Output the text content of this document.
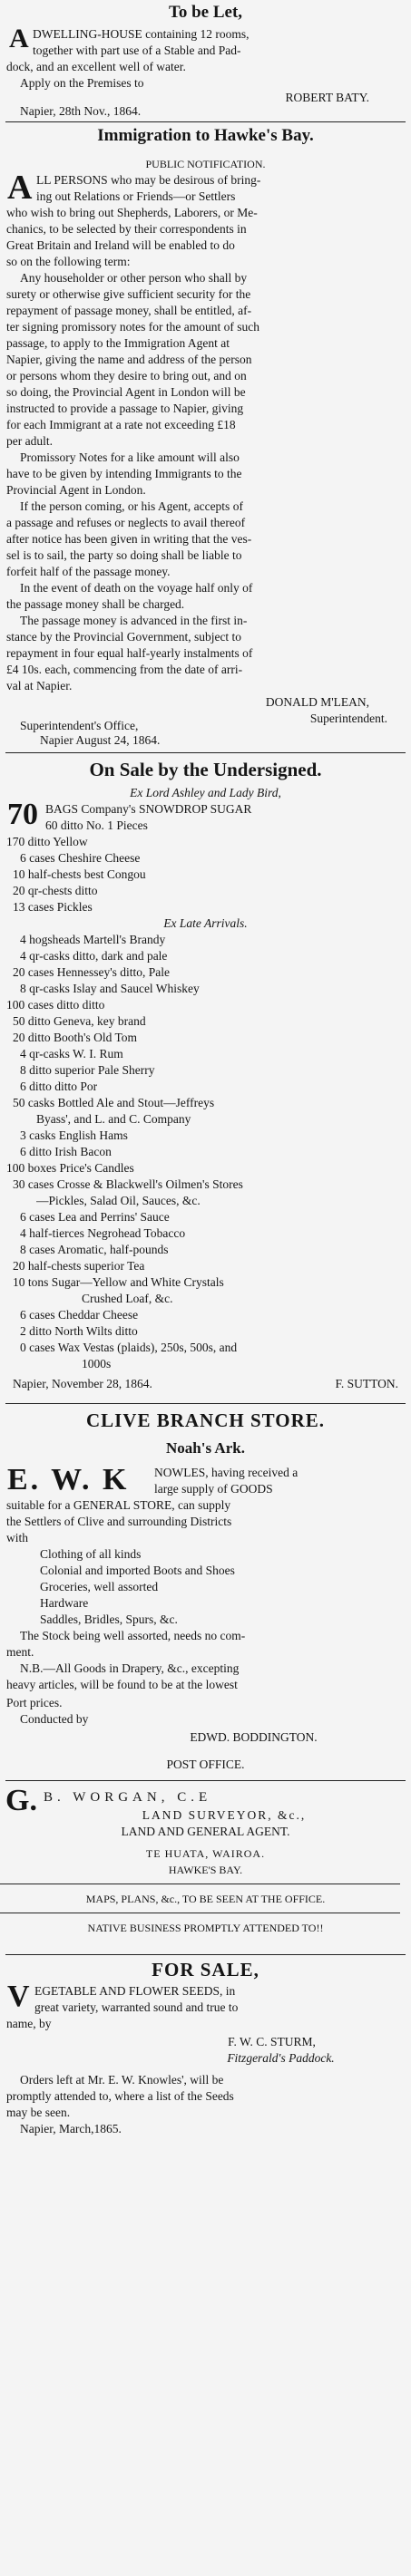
To be Let,
A DWELLING-HOUSE containing 12 rooms,
together with part use of a Stable and Pad-
dock, and an excellent well of water.
Apply on the Premises to
ROBERT BATY.
Napier, 28th Nov., 1864.
Immigration to Hawke's Bay.
PUBLIC NOTIFICATION.
A LL PERSONS who may be desirous of bring-
ing out Relations or Friends—or Settlers
who wish to bring out Shepherds, Laborers, or Me-
chanics, to be selected by their correspondents in
Great Britain and Ireland will be enabled to do
so on the following term:
Any householder or other person who shall by
surety or otherwise give sufficient security for the
repayment of passage money, shall be entitled, af-
ter signing promissory notes for the amount of such
passage, to apply to the Immigration Agent at
Napier, giving the name and address of the person
or persons whom they desire to bring out, and on
so doing, the Provincial Agent in London will be
instructed to provide a passage to Napier, giving
for each Immigrant at a rate not exceeding £18
per adult.
Promissory Notes for a like amount will also
have to be given by intending Immigrants to the
Provincial Agent in London.
If the person coming, or his Agent, accepts of
a passage and refuses or neglects to avail thereof
after notice has been given in writing that the ves-
sel is to sail, the party so doing shall be liable to
forfeit half of the passage money.
In the event of death on the voyage half only of
the passage money shall be charged.
The passage money is advanced in the first in-
stance by the Provincial Government, subject to
repayment in four equal half-yearly instalments of
£4 10s. each, commencing from the date of arri-
val at Napier.
DONALD M'LEAN,
Superintendent.
Superintendent's Office,
Napier August 24, 1864.
On Sale by the Undersigned.
Ex Lord Ashley and Lady Bird,
70 BAGS Company's SNOWDROP SUGAR
60 ditto No. 1 Pieces
170 ditto Yellow
6 cases Cheshire Cheese
10 half-chests best Congou
20 qr-chests ditto
13 cases Pickles
Ex Late Arrivals.
4 hogsheads Martell's Brandy
4 qr-casks ditto, dark and pale
20 cases Hennessey's ditto, Pale
8 qr-casks Islay and Saucel Whiskey
100 cases ditto ditto
50 ditto Geneva, key brand
20 ditto Booth's Old Tom
4 qr-casks W. I. Rum
8 ditto superior Pale Sherry
6 ditto ditto Por
50 casks Bottled Ale and Stout—Jeffreys
Byass', and L. and C. Company
3 casks English Hams
6 ditto Irish Bacon
100 boxes Price's Candles
30 cases Crosse & Blackwell's Oilmen's Stores
—Pickles, Salad Oil, Sauces, &c.
6 cases Lea and Perrins' Sauce
4 half-tierces Negrohead Tobacco
8 cases Aromatic, half-pounds
20 half-chests superior Tea
10 tons Sugar—Yellow and White Crystals
Crushed Loaf, &c.
6 cases Cheddar Cheese
2 ditto North Wilts ditto
0 cases Wax Vestas (plaids), 250s, 500s, and
1000s
Napier, November 28, 1864.	F. SUTTON.
CLIVE BRANCH STORE.
Noah's Ark.
E. W. K NOWLES, having received a
large supply of GOODS
suitable for a GENERAL STORE, can supply
the Settlers of Clive and surrounding Districts
with
Clothing of all kinds
Colonial and imported Boots and Shoes
Groceries, well assorted
Hardware
Saddles, Bridles, Spurs, &c.
The Stock being well assorted, needs no com-
ment.
N.B.—All Goods in Drapery, &c., excepting
heavy articles, will be found to be at the lowest
Port prices.
Conducted by
EDWD. BODDINGTON.
POST OFFICE.
G. B. WORGAN, C.E
LAND SURVEYOR, &c.,
LAND AND GENERAL AGENT.
TE HUATA, WAIROA.
HAWKE'S BAY.
MAPS, PLANS, &c., TO BE SEEN AT THE OFFICE.
NATIVE BUSINESS PROMPTLY ATTENDED TO!!
FOR SALE,
V EGETABLE AND FLOWER SEEDS, in
great variety, warranted sound and true to
name, by
F. W. C. STURM,
Fitzgerald's Paddock.
Orders left at Mr. E. W. Knowles', will be
promptly attended to, where a list of the Seeds
may be seen.
Napier, March,1865.
